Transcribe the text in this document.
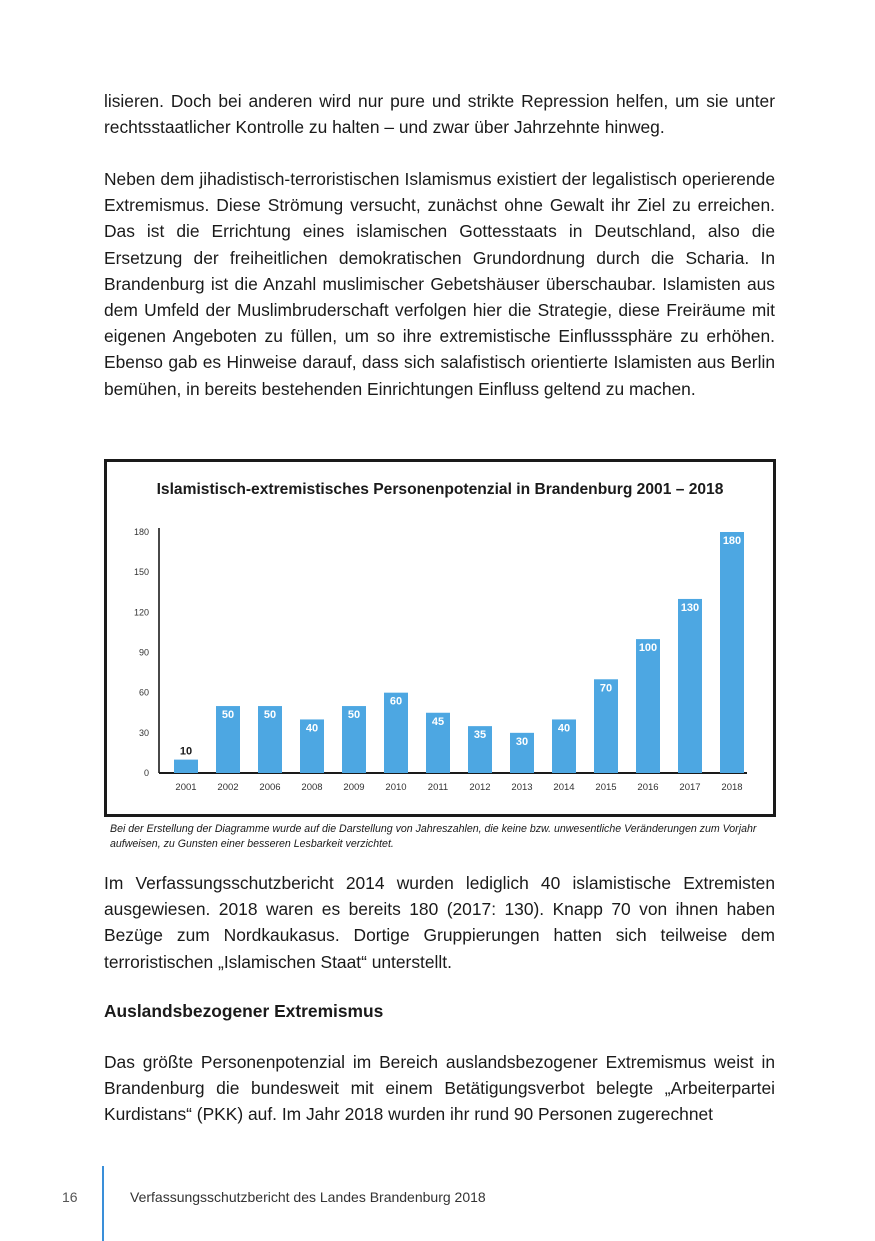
lisieren. Doch bei anderen wird nur pure und strikte Repression helfen, um sie unter rechtsstaatlicher Kontrolle zu halten – und zwar über Jahrzehnte hinweg.

Neben dem jihadistisch-terroristischen Islamismus existiert der legalistisch operierende Extremismus. Diese Strömung versucht, zunächst ohne Gewalt ihr Ziel zu erreichen. Das ist die Errichtung eines islamischen Gottesstaats in Deutschland, also die Ersetzung der freiheitlichen demokratischen Grundordnung durch die Scharia. In Brandenburg ist die Anzahl muslimischer Gebetshäuser überschaubar. Islamisten aus dem Umfeld der Muslimbruderschaft verfolgen hier die Strategie, diese Freiräume mit eigenen Angeboten zu füllen, um so ihre extremistische Einflusssphäre zu erhöhen. Ebenso gab es Hinweise darauf, dass sich salafistisch orientierte Islamisten aus Berlin bemühen, in bereits bestehenden Einrichtungen Einfluss geltend zu machen.

Islamistisch-extremistisches Personenpotenzial in Brandenburg 2001 – 2018
0
30
60
90
120
150
180
10
2001
50
2002
50
2006
40
2008
50
2009
60
2010
45
2011
35
2012
30
2013
40
2014
70
2015
100
2016
130
2017
180
2018
Bei der Erstellung der Diagramme wurde auf die Darstellung von Jahreszahlen, die keine bzw. unwesentliche Veränderungen zum Vorjahr aufweisen, zu Gunsten einer besseren Lesbarkeit verzichtet.

Im Verfassungsschutzbericht 2014 wurden lediglich 40 islamistische Extremisten ausgewiesen. 2018 waren es bereits 180 (2017: 130). Knapp 70 von ihnen haben Bezüge zum Nordkaukasus. Dortige Gruppierungen hatten sich teilweise dem terroristischen „Islamischen Staat“ unterstellt.

Auslandsbezogener Extremismus

Das größte Personenpotenzial im Bereich auslandsbezogener Extremismus weist in Brandenburg die bundesweit mit einem Betätigungsverbot belegte „Arbeiterpartei Kurdistans“ (PKK) auf. Im Jahr 2018 wurden ihr rund 90 Personen zugerechnet

16	Verfassungsschutzbericht des Landes Brandenburg 2018
